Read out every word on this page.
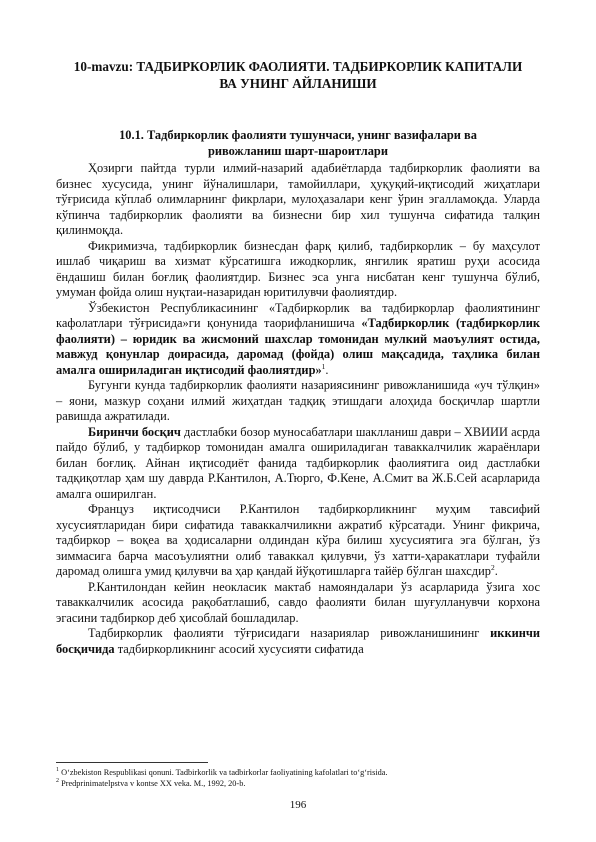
10-mavzu: ТАДБИРКОРЛИК ФАОЛИЯТИ. ТАДБИРКОРЛИК КАПИТАЛИ
ВА УНИНГ АЙЛАНИШИ
10.1. Тадбиркорлик фаолияти тушунчаси, унинг вазифалари ва
ривожланиш шарт-шароитлари

Ҳозирги пайтда турли илмий-назарий адабиётларда тадбиркорлик фаолияти ва бизнес хусусида, унинг йўналишлари, тамойиллари, ҳуқуқий-иқтисодий жиҳатлари тўғрисида кўплаб олимларнинг фикрлари, мулоҳазалари кенг ўрин эгалламоқда. Уларда кўпинча тадбиркорлик фаолияти ва бизнесни бир хил тушунча сифатида талқин қилинмоқда.

Фикримизча, тадбиркорлик бизнесдан фарқ қилиб, тадбиркорлик – бу маҳсулот ишлаб чиқариш ва хизмат кўрсатишга ижодкорлик, янгилик яратиш руҳи асосида ёндашиш билан боғлиқ фаолиятдир. Бизнес эса унга нисбатан кенг тушунча бўлиб, умуман фойда олиш нуқтаи-назаридан юритилувчи фаолиятдир.

Ўзбекистон Республикасининг «Тадбиркорлик ва тадбиркорлар фаолиятининг кафолатлари тўғрисида»ги қонунида таорифланишича «Тадбиркорлик (тадбиркорлик фаолияти) – юридик ва жисмоний шахслар томонидан мулкий маоъулият остида, мавжуд қонунлар доирасида, даромад (фойда) олиш мақсадида, таҳлика билан амалга ошириладиган иқтисодий фаолиятдир»$^1$.

Бугунги кунда тадбиркорлик фаолияти назариясининг ривожланишида «уч тўлқин» – яони, мазкур соҳани илмий жиҳатдан тадқиқ этишдаги алоҳида босқичлар шартли равишда ажратилади.

Биринчи босқич дастлабки бозор муносабатлари шаклланиш даври – ХВИИИ асрда пайдо бўлиб, у тадбиркор томонидан амалга ошириладиган таваккалчилик жараёнлари билан боғлиқ. Айнан иқтисодиёт фанида тадбиркорлик фаолиятига оид дастлабки тадқиқотлар ҳам шу даврда Р.Кантилон, А.Тюрго, Ф.Кене, А.Смит ва Ж.Б.Сей асарларида амалга оширилган.

Француз иқтисодчиси Р.Кантилон тадбиркорликнинг муҳим тавсифий хусусиятларидан бири сифатида таваккалчиликни ажратиб кўрсатади. Унинг фикрича, тадбиркор – воқеа ва ҳодисаларни олдиндан кўра билиш хусусиятига эга бўлган, ўз зиммасига барча масоъулиятни олиб таваккал қилувчи, ўз хатти-ҳаракатлари туфайли даромад олишга умид қилувчи ва ҳар қандай йўқотишларга тайёр бўлган шахсдир$^2$.

Р.Кантилондан кейин неокласик мактаб намояндалари ўз асарларида ўзига хос таваккалчилик асосида рақобатлашиб, савдо фаолияти билан шуғулланувчи корхона эгасини тадбиркор деб ҳисоблай бошладилар.

Тадбиркорлик фаолияти тўғрисидаги назариялар ривожланишининг иккинчи босқичида тадбиркорликнинг асосий хусусияти сифатида

$^1$ O‘zbekiston Respublikasi qonuni. Tadbirkorlik va tadbirkorlar faoliyatining kafolatlari to‘g‘risida.
$^2$ Predprinimatelpstva v kontse XX veka. M., 1992, 20-b.
196
